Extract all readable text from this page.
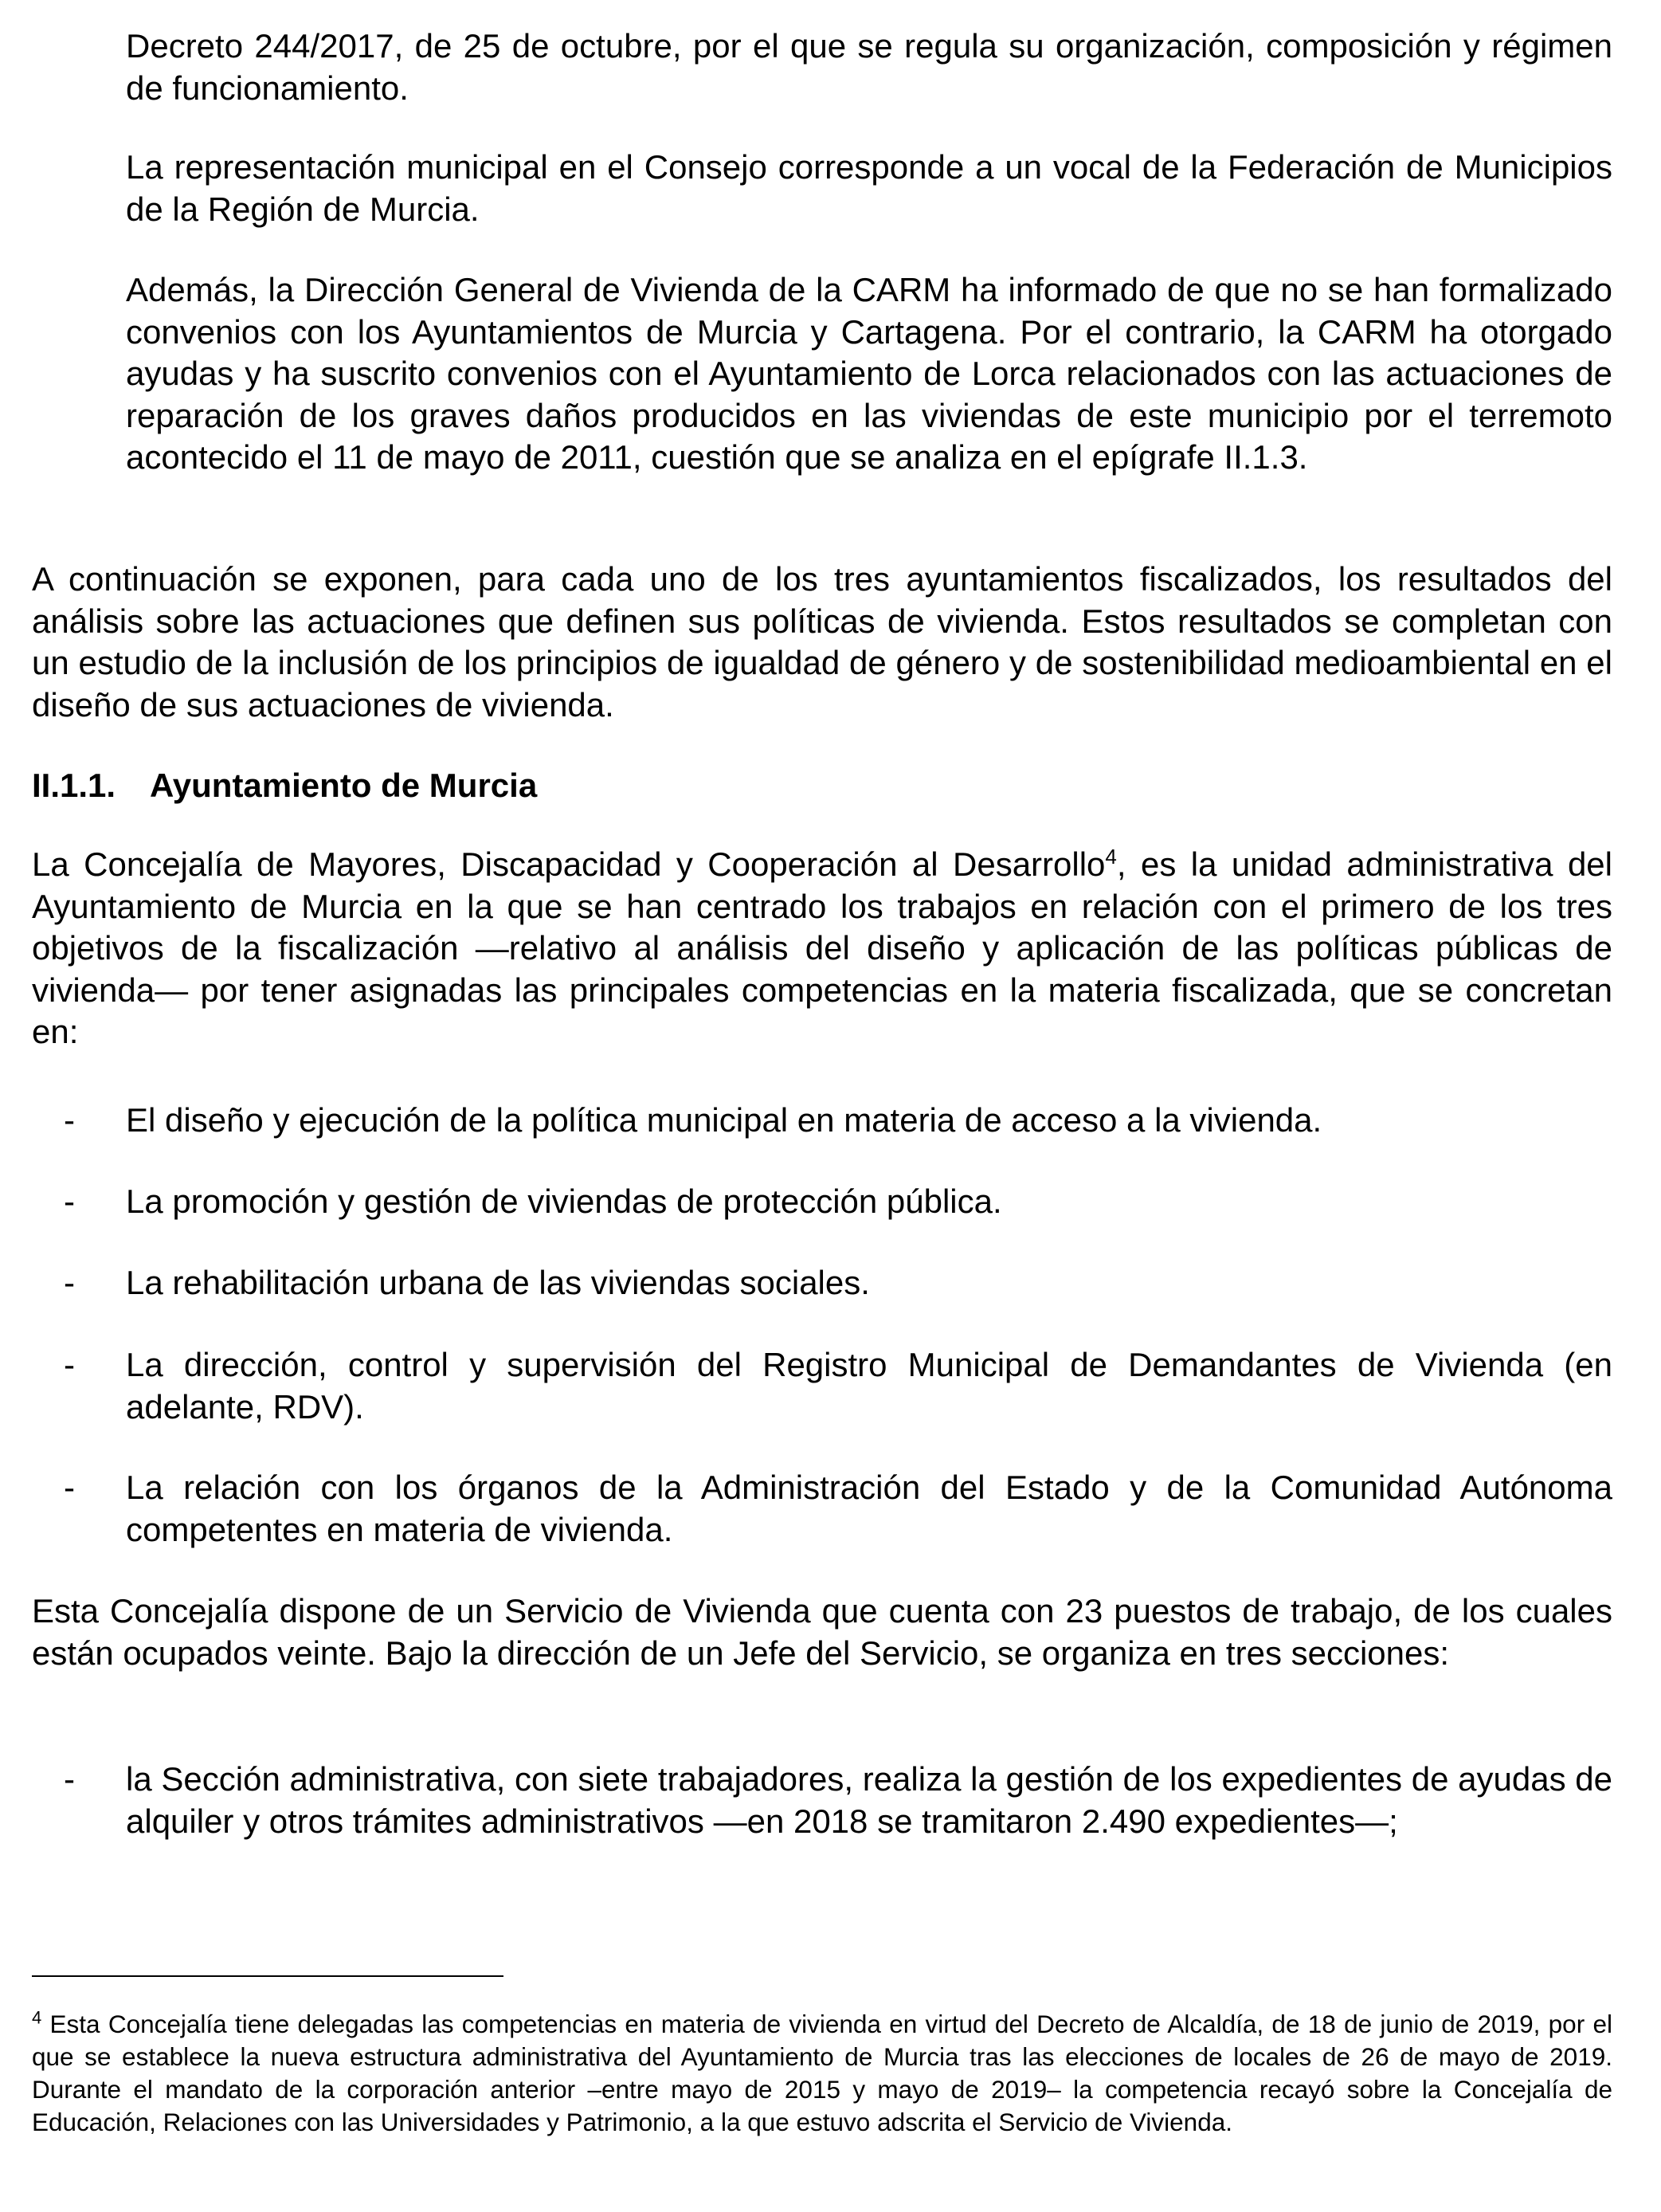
Decreto 244/2017, de 25 de octubre, por el que se regula su organización, composición y régimen de funcionamiento.

La representación municipal en el Consejo corresponde a un vocal de la Federación de Municipios de la Región de Murcia.

Además, la Dirección General de Vivienda de la CARM ha informado de que no se han formalizado convenios con los Ayuntamientos de Murcia y Cartagena. Por el contrario, la CARM ha otorgado ayudas y ha suscrito convenios con el Ayuntamiento de Lorca relacionados con las actuaciones de reparación de los graves daños producidos en las viviendas de este municipio por el terremoto acontecido el 11 de mayo de 2011, cuestión que se analiza en el epígrafe II.1.3.

A continuación se exponen, para cada uno de los tres ayuntamientos fiscalizados, los resultados del análisis sobre las actuaciones que definen sus políticas de vivienda. Estos resultados se completan con un estudio de la inclusión de los principios de igualdad de género y de sostenibilidad medioambiental en el diseño de sus actuaciones de vivienda.

II.1.1. Ayuntamiento de Murcia

La Concejalía de Mayores, Discapacidad y Cooperación al Desarrollo$^4$, es la unidad administrativa del Ayuntamiento de Murcia en la que se han centrado los trabajos en relación con el primero de los tres objetivos de la fiscalización —relativo al análisis del diseño y aplicación de las políticas públicas de vivienda— por tener asignadas las principales competencias en la materia fiscalizada, que se concretan en:

- El diseño y ejecución de la política municipal en materia de acceso a la vivienda.

- La promoción y gestión de viviendas de protección pública.

- La rehabilitación urbana de las viviendas sociales.

- La dirección, control y supervisión del Registro Municipal de Demandantes de Vivienda (en adelante, RDV).

- La relación con los órganos de la Administración del Estado y de la Comunidad Autónoma competentes en materia de vivienda.

Esta Concejalía dispone de un Servicio de Vivienda que cuenta con 23 puestos de trabajo, de los cuales están ocupados veinte. Bajo la dirección de un Jefe del Servicio, se organiza en tres secciones:

- la Sección administrativa, con siete trabajadores, realiza la gestión de los expedientes de ayudas de alquiler y otros trámites administrativos —en 2018 se tramitaron 2.490 expedientes—;

$^4$ Esta Concejalía tiene delegadas las competencias en materia de vivienda en virtud del Decreto de Alcaldía, de 18 de junio de 2019, por el que se establece la nueva estructura administrativa del Ayuntamiento de Murcia tras las elecciones de locales de 26 de mayo de 2019. Durante el mandato de la corporación anterior –entre mayo de 2015 y mayo de 2019– la competencia recayó sobre la Concejalía de Educación, Relaciones con las Universidades y Patrimonio, a la que estuvo adscrita el Servicio de Vivienda.
